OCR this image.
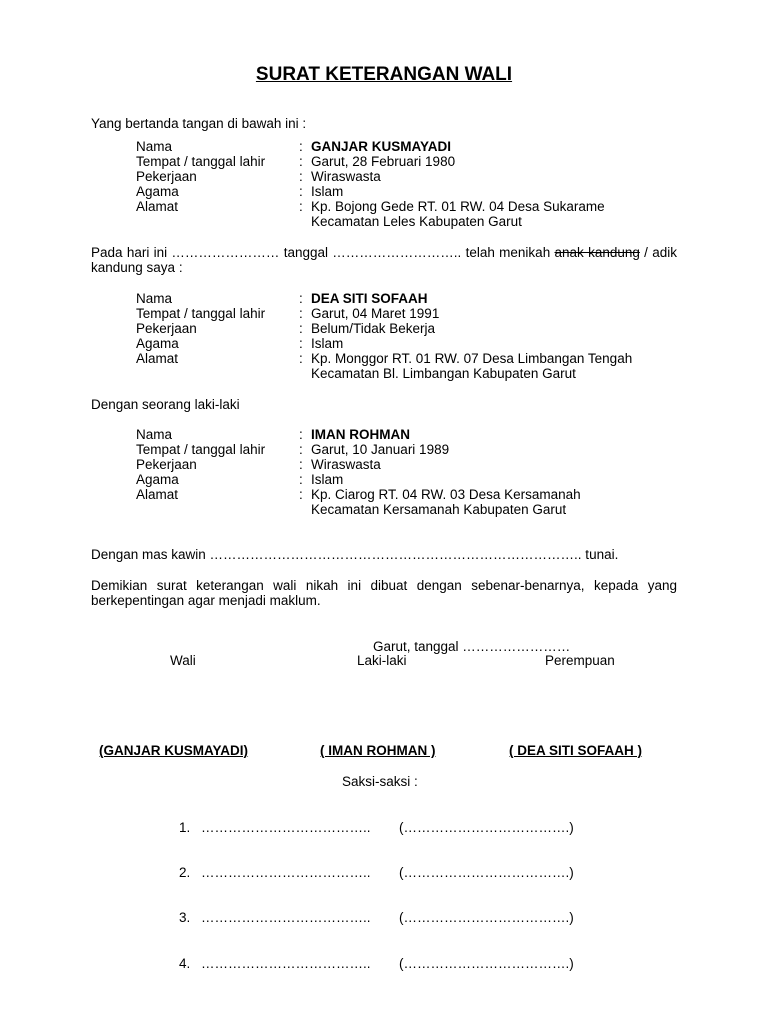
SURAT KETERANGAN WALI
Yang bertanda tangan di bawah ini :
Nama	: GANJAR KUSMAYADI
Tempat / tanggal lahir	: Garut, 28 Februari 1980
Pekerjaan	: Wiraswasta
Agama	: Islam
Alamat	: Kp. Bojong Gede RT. 01 RW. 04 Desa Sukarame
Kecamatan Leles Kabupaten Garut
Pada hari ini …………………… tanggal ……………………….. telah menikah anak kandung / adik kandung saya :
Nama	: DEA SITI SOFAAH
Tempat / tanggal lahir	: Garut, 04 Maret 1991
Pekerjaan	: Belum/Tidak Bekerja
Agama	: Islam
Alamat	: Kp. Monggor RT. 01 RW. 07 Desa Limbangan Tengah
Kecamatan Bl. Limbangan Kabupaten Garut
Dengan seorang laki-laki
Nama	: IMAN ROHMAN
Tempat / tanggal lahir	: Garut, 10 Januari 1989
Pekerjaan	: Wiraswasta
Agama	: Islam
Alamat	: Kp. Ciarog RT. 04 RW. 03 Desa Kersamanah
Kecamatan Kersamanah Kabupaten Garut
Dengan mas kawin ……………………………………………………………………….. tunai.
Demikian surat keterangan wali nikah ini dibuat dengan sebenar-benarnya, kepada yang berkepentingan agar menjadi maklum.
Garut, tanggal ……………………
Wali	Laki-laki	Perempuan
(GANJAR KUSMAYADI)	( IMAN ROHMAN )	( DEA SITI SOFAAH )
Saksi-saksi :
1. ……………………………….. (……………………………….)
2. ……………………………….. (……………………………….)
3. ……………………………….. (……………………………….)
4. ……………………………….. (……………………………….)
